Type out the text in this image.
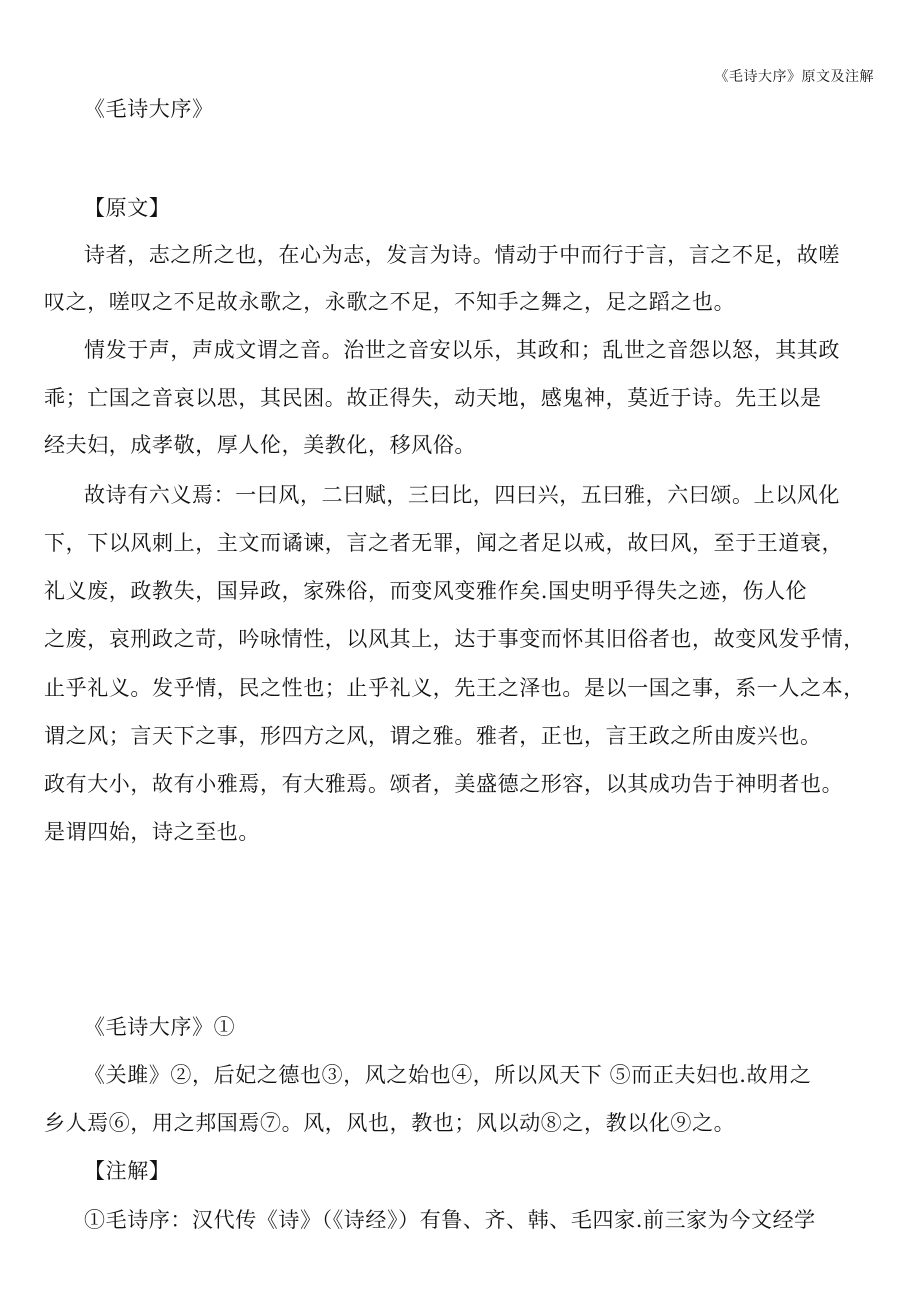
《毛诗大序》原文及注解
《毛诗大序》
【原文】
诗者，志之所之也，在心为志，发言为诗。情动于中而行于言，言之不足，故嗟
叹之，嗟叹之不足故永歌之，永歌之不足，不知手之舞之，足之蹈之也。
情发于声，声成文谓之音。治世之音安以乐，其政和；乱世之音怨以怒，其其政
乖；亡国之音哀以思，其民困。故正得失，动天地，感鬼神，莫近于诗。先王以是
经夫妇，成孝敬，厚人伦，美教化，移风俗。
故诗有六义焉：一曰风，二曰赋，三曰比，四曰兴，五曰雅，六曰颂。上以风化
下，下以风刺上，主文而谲谏，言之者无罪，闻之者足以戒，故曰风，至于王道衰，
礼义废，政教失，国异政，家殊俗，而变风变雅作矣.国史明乎得失之迹，伤人伦
之废，哀刑政之苛，吟咏情性，以风其上，达于事变而怀其旧俗者也，故变风发乎情，
止乎礼义。发乎情，民之性也；止乎礼义，先王之泽也。是以一国之事，系一人之本，
谓之风；言天下之事，形四方之风，谓之雅。雅者，正也，言王政之所由废兴也。
政有大小，故有小雅焉，有大雅焉。颂者，美盛德之形容，以其成功告于神明者也。
是谓四始，诗之至也。
《毛诗大序》①
《关雎》②，后妃之德也③，风之始也④，所以风天下 ⑤而正夫妇也.故用之
乡人焉⑥，用之邦国焉⑦。风，风也，教也；风以动⑧之，教以化⑨之。
【注解】
①毛诗序：汉代传《诗》（《诗经》）有鲁、齐、韩、毛四家.前三家为今文经学
